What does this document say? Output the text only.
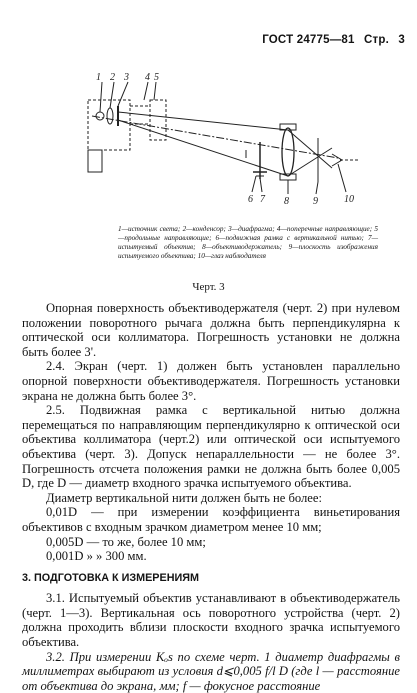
ГОСТ 24775—81 Стр. 3
1 2 3 4 5
6 7 8 9	10
1—источник света; 2—конденсор; 3—диафрагма; 4—поперечные направляющие; 5—продольные направляющие; 6—подвижная рамка с вертикальной нитью; 7—испытуемый объектив; 8—объективодержатель; 9—плоскость изображения испытуемого объектива; 10—глаз наблюдателя
Черт. 3

Опорная поверхность объективодержателя (черт. 2) при нулевом положении поворотного рычага должна быть перпендикулярна к оптической оси коллиматора. Погрешность установки не должна быть более 3'.

2.4. Экран (черт. 1) должен быть установлен параллельно опорной поверхности объективодержателя. Погрешность установки экрана не должна быть более 3°.

2.5. Подвижная рамка с вертикальной нитью должна перемещаться по направляющим перпендикулярно к оптической оси объектива коллиматора (черт.2) или оптической оси испытуемого объектива (черт. 3). Допуск непараллельности — не более 3°. Погрешность отсчета положения рамки не должна быть более 0,005 D, где D — диаметр входного зрачка испытуемого объектива.

Диаметр вертикальной нити должен быть не более:

0,01D — при измерении коэффициента виньетирования объективов с входным зрачком диаметром менее 10 мм;

0,005D — то же, более 10 мм;

0,001D » » 300 мм.

3. ПОДГОТОВКА К ИЗМЕРЕНИЯМ

3.1. Испытуемый объектив устанавливают в объективодержатель (черт. 1—3). Вертикальная ось поворотного устройства (черт. 2) должна проходить вблизи плоскости входного зрачка испытуемого объектива.

3.2. При измерении Kₒs по схеме черт. 1 диаметр диафрагмы в миллиметрах выбирают из условия d⩽0,005 f/l D (где l — расстояние от объектива до экрана, мм; f — фокусное расстояние
